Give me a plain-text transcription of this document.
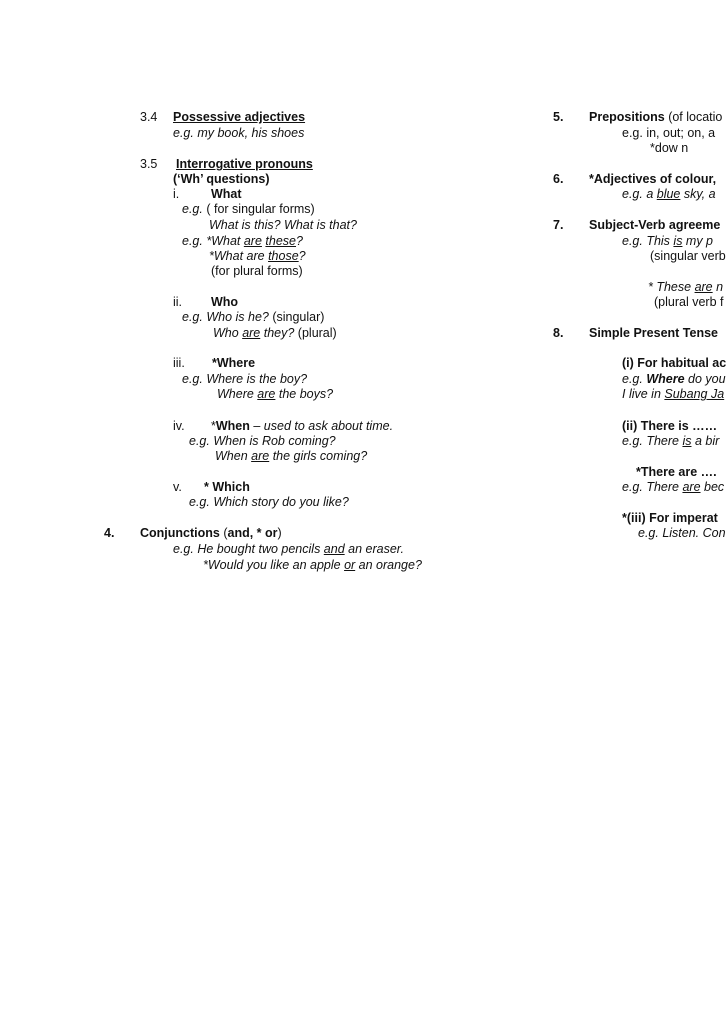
3.4 Possessive adjectives
e.g. my book, his shoes
3.5 Interrogative pronouns
(‘Wh’ questions)
i.	What
e.g. ( for singular forms)
What is this? What is that?
e.g. *What are these?
*What are those?
(for plural forms)
ii. Who
e.g. Who is he? (singular)
Who are they? (plural)
iii. *Where
e.g. Where is the boy?
Where are the boys?
iv. *When – used to ask about time.
e.g. When is Rob coming?
When are the girls coming?
v. * Which
e.g. Which story do you like?
4. Conjunctions (and, * or)
e.g. He bought two pencils and an eraser.
*Would you like an apple or an orange?
5. Prepositions (of locatio
e.g. in, out; on, a
*dow n
6. *Adjectives of colour,
e.g. a blue sky, a
7. Subject-Verb agreeme
e.g. This is my p
(singular verb
* These are n
(plural verb f
8. Simple Present Tense
(i) For habitual ac
e.g. Where do you
I live in Subang Ja
(ii) There is ……
e.g. There is a bir
*There are ….
e.g. There are bec
*(iii) For imperat
e.g. Listen. Con
